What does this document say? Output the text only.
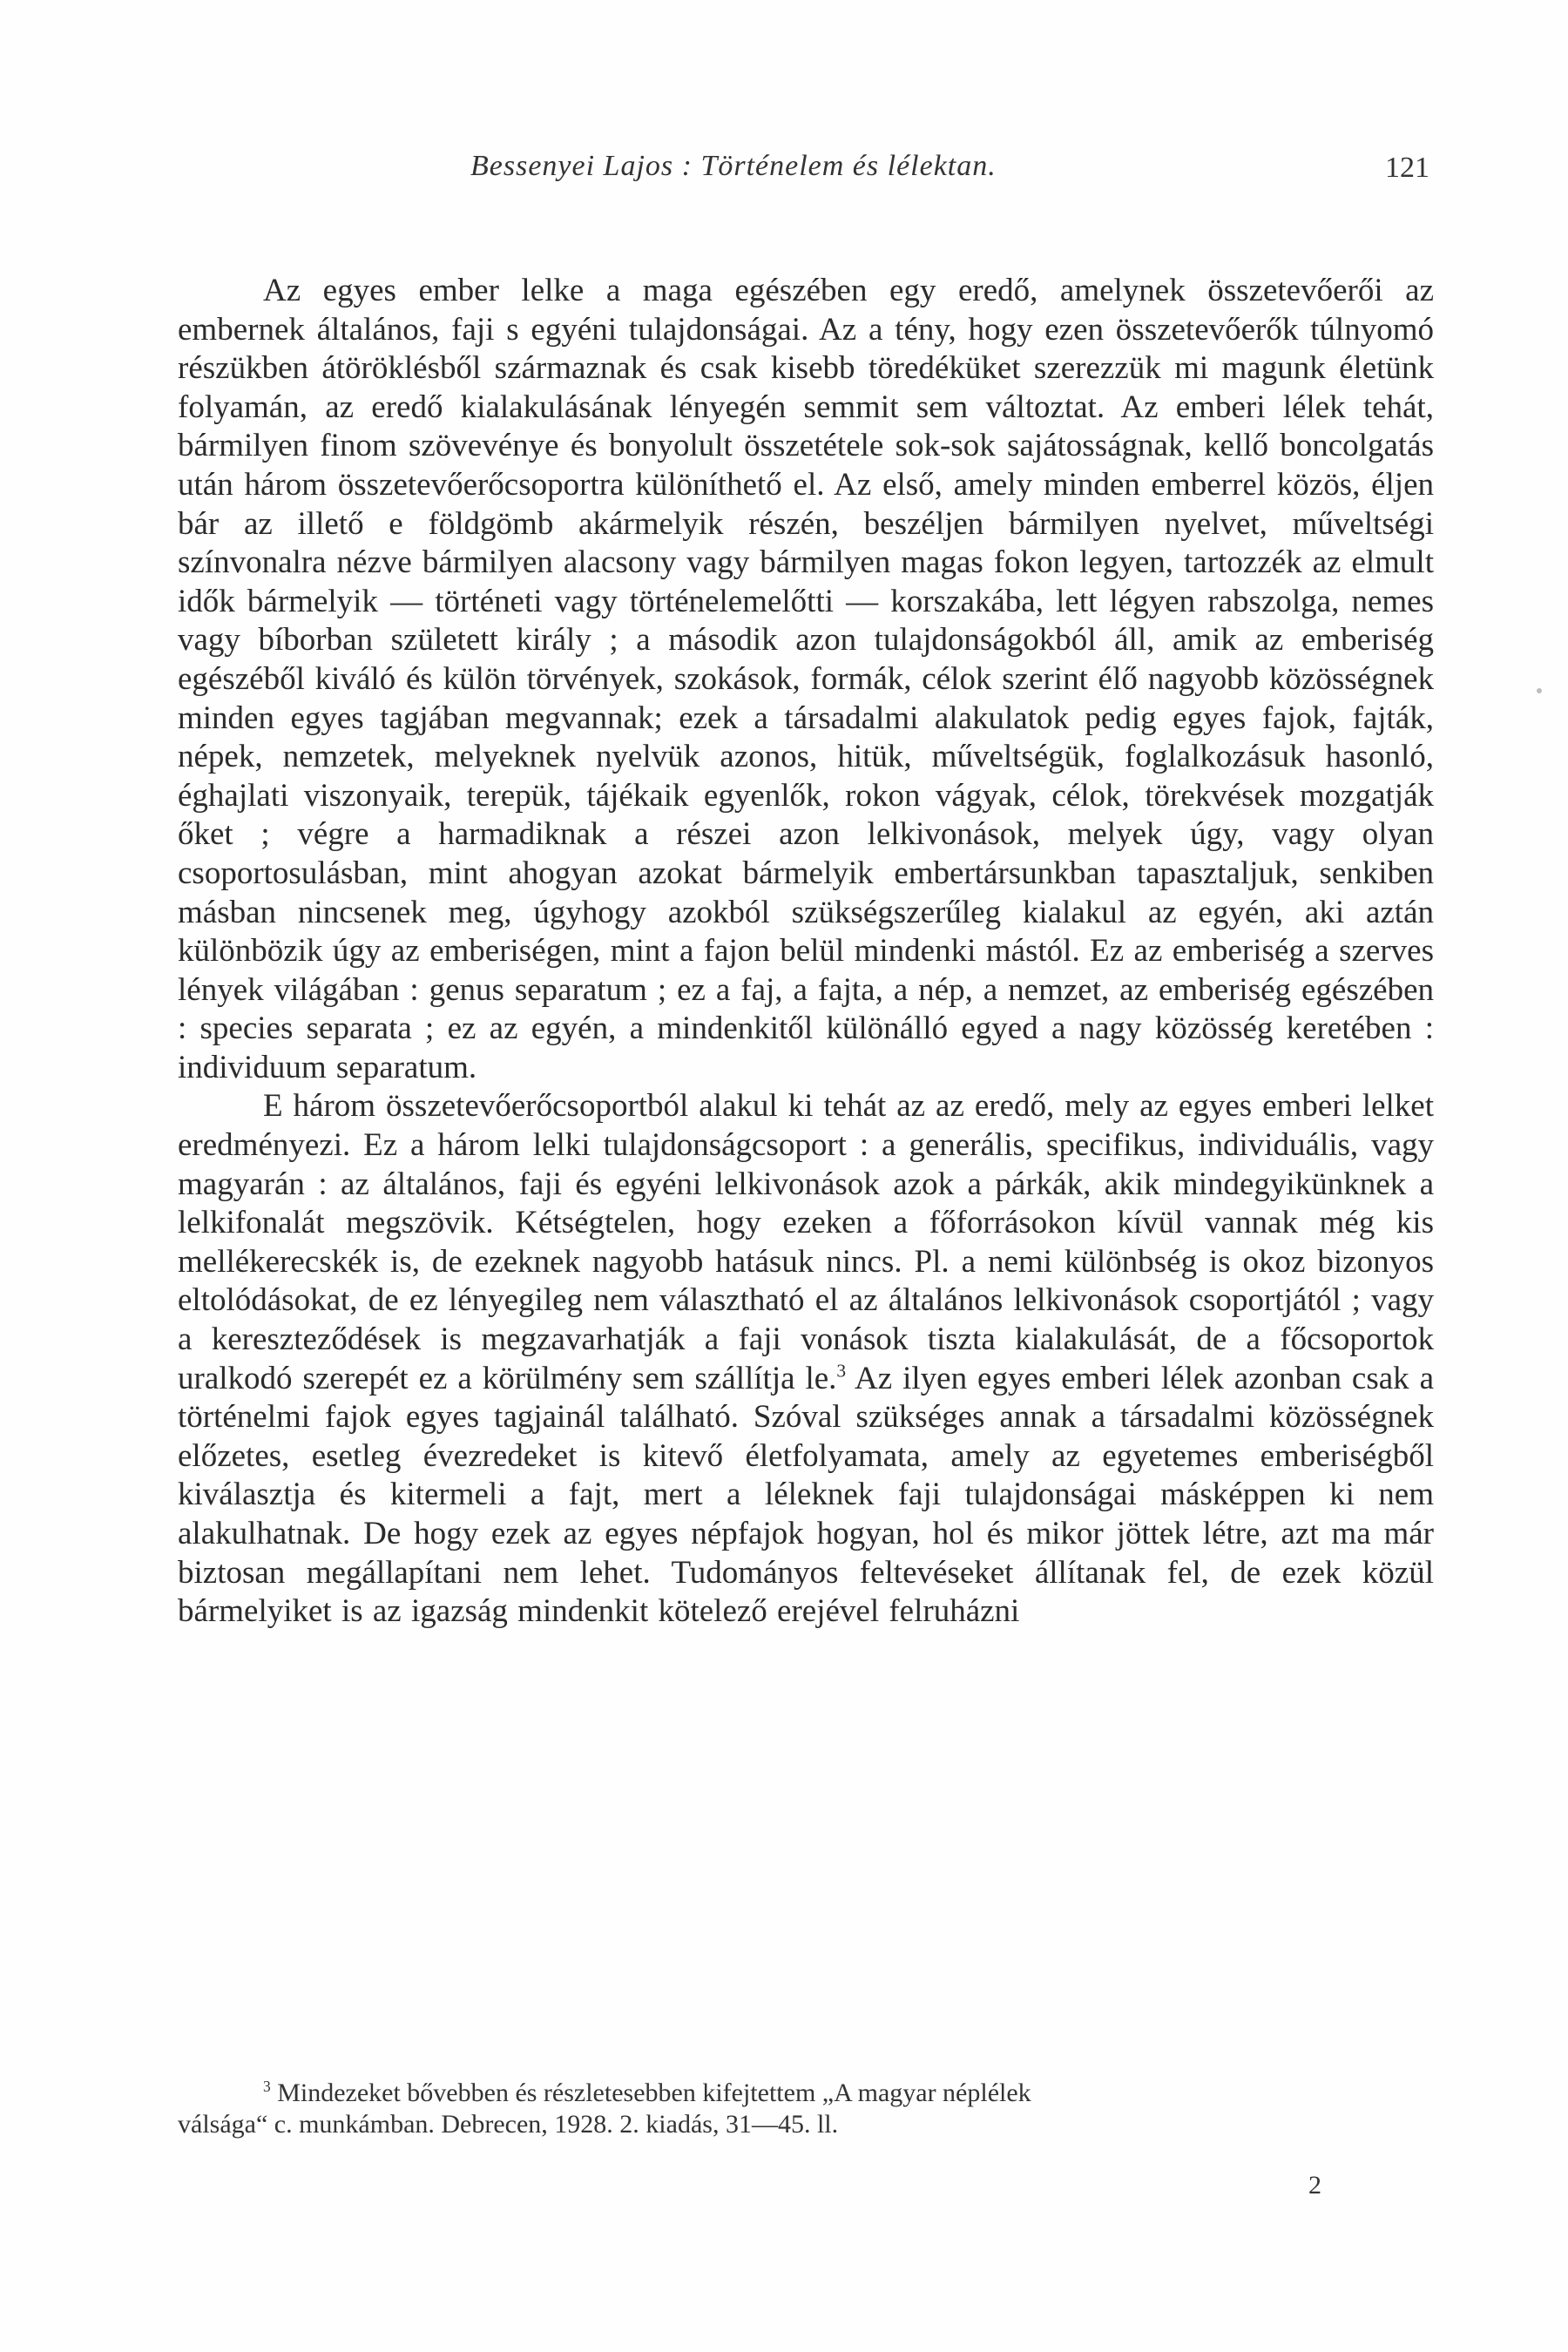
Bessenyei Lajos : Történelem és lélektan.	121

Az egyes ember lelke a maga egészében egy eredő, amelynek összetevőerői az embernek általános, faji s egyéni tulajdonságai. Az a tény, hogy ezen összetevőerők túlnyomó részükben átöröklésből származnak és csak kisebb töredéküket szerezzük mi magunk életünk folyamán, az eredő kialakulásának lényegén semmit sem változtat. Az emberi lélek tehát, bármilyen finom szövevénye és bonyolult összetétele sok-sok sajátosságnak, kellő boncolgatás után három összetevőerőcsoportra különíthető el. Az első, amely minden emberrel közös, éljen bár az illető e földgömb akármelyik részén, beszéljen bármilyen nyelvet, műveltségi színvonalra nézve bármilyen alacsony vagy bármilyen magas fokon legyen, tartozzék az elmult idők bármelyik — történeti vagy történelemelőtti — korszakába, lett légyen rabszolga, nemes vagy bíborban született király ; a második azon tulajdonságokból áll, amik az emberiség egészéből kiváló és külön törvények, szokások, formák, célok szerint élő nagyobb közösségnek minden egyes tagjában megvannak; ezek a társadalmi alakulatok pedig egyes fajok, fajták, népek, nemzetek, melyeknek nyelvük azonos, hitük, műveltségük, foglalkozásuk hasonló, éghajlati viszonyaik, terepük, tájékaik egyenlők, rokon vágyak, célok, törekvések mozgatják őket ; végre a harmadiknak a részei azon lelkivonások, melyek úgy, vagy olyan csoportosulásban, mint ahogyan azokat bármelyik embertársunkban tapasztaljuk, senkiben másban nincsenek meg, úgyhogy azokból szükségszerűleg kialakul az egyén, aki aztán különbözik úgy az emberiségen, mint a fajon belül mindenki mástól. Ez az emberiség a szerves lények világában : genus separatum ; ez a faj, a fajta, a nép, a nemzet, az emberiség egészében : species separata ; ez az egyén, a mindenkitől különálló egyed a nagy közösség keretében : individuum separatum.

E három összetevőerőcsoportból alakul ki tehát az az eredő, mely az egyes emberi lelket eredményezi. Ez a három lelki tulajdonságcsoport : a generális, specifikus, individuális, vagy magyarán : az általános, faji és egyéni lelkivonások azok a párkák, akik mindegyikünknek a lelkifonalát megszövik. Kétségtelen, hogy ezeken a főforrásokon kívül vannak még kis mellékerecskék is, de ezeknek nagyobb hatásuk nincs. Pl. a nemi különbség is okoz bizonyos eltolódásokat, de ez lényegileg nem választható el az általános lelkivonások csoportjától ; vagy a kereszteződések is megzavarhatják a faji vonások tiszta kialakulását, de a főcsoportok uralkodó szerepét ez a körülmény sem szállítja le.$^3$ Az ilyen egyes emberi lélek azonban csak a történelmi fajok egyes tagjainál található. Szóval szükséges annak a társadalmi közösségnek előzetes, esetleg évezredeket is kitevő életfolyamata, amely az egyetemes emberiségből kiválasztja és kitermeli a fajt, mert a léleknek faji tulajdonságai másképpen ki nem alakulhatnak. De hogy ezek az egyes népfajok hogyan, hol és mikor jöttek létre, azt ma már biztosan megállapítani nem lehet. Tudományos feltevéseket állítanak fel, de ezek közül bármelyiket is az igazság mindenkit kötelező erejével felruházni

$^3$ Mindezeket bővebben és részletesebben kifejtettem „A magyar néplélek
válsága“ c. munkámban. Debrecen, 1928. 2. kiadás, 31—45. ll.
2
